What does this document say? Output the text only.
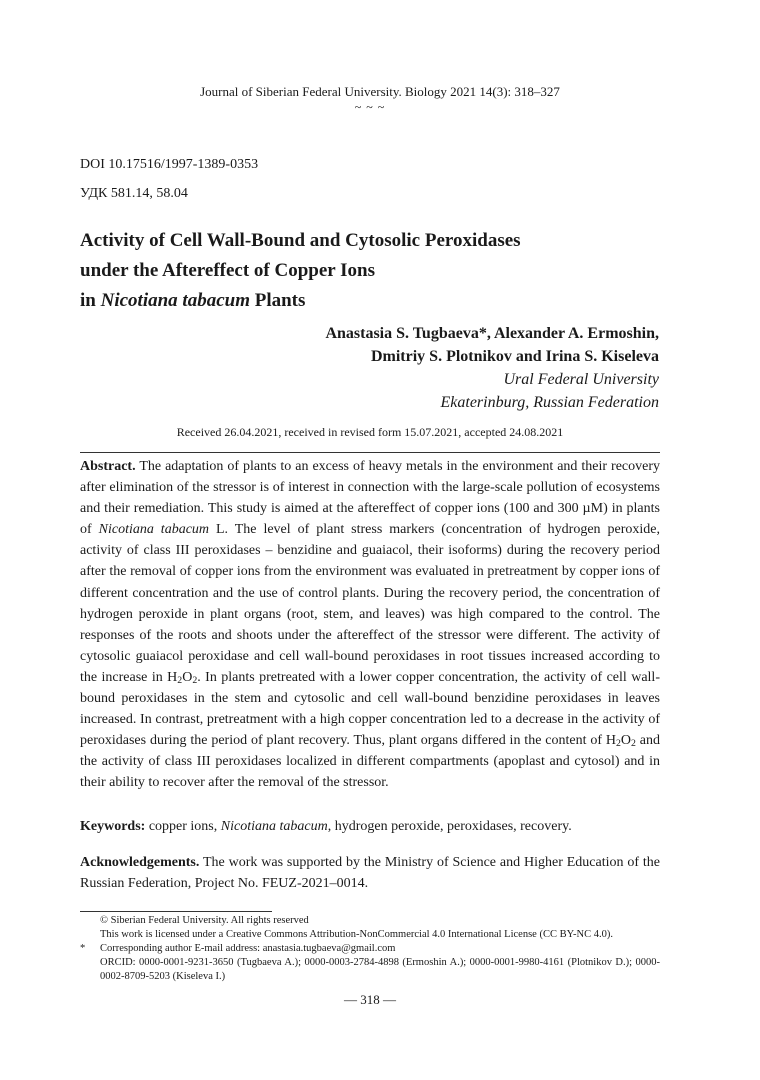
Journal of Siberian Federal University. Biology 2021 14(3): 318–327
~ ~ ~
DOI 10.17516/1997-1389-0353
УДК 581.14, 58.04
Activity of Cell Wall-Bound and Cytosolic Peroxidases
under the Aftereffect of Copper Ions
in Nicotiana tabacum Plants
Anastasia S. Tugbaeva*, Alexander A. Ermoshin,
Dmitriy S. Plotnikov and Irina S. Kiseleva
Ural Federal University
Ekaterinburg, Russian Federation
Received 26.04.2021, received in revised form 15.07.2021, accepted 24.08.2021
Abstract. The adaptation of plants to an excess of heavy metals in the environment and their recovery after elimination of the stressor is of interest in connection with the large-scale pollution of ecosystems and their remediation. This study is aimed at the aftereffect of copper ions (100 and 300 µM) in plants of Nicotiana tabacum L. The level of plant stress markers (concentration of hydrogen peroxide, activity of class III peroxidases – benzidine and guaiacol, their isoforms) during the recovery period after the removal of copper ions from the environment was evaluated in pretreatment by copper ions of different concentration and the use of control plants. During the recovery period, the concentration of hydrogen peroxide in plant organs (root, stem, and leaves) was high compared to the control. The responses of the roots and shoots under the aftereffect of the stressor were different. The activity of cytosolic guaiacol peroxidase and cell wall-bound peroxidases in root tissues increased according to the increase in $H_2O_2$. In plants pretreated with a lower copper concentration, the activity of cell wall-bound peroxidases in the stem and cytosolic and cell wall-bound benzidine peroxidases in leaves increased. In contrast, pretreatment with a high copper concentration led to a decrease in the activity of peroxidases during the period of plant recovery. Thus, plant organs differed in the content of $H_2O_2$ and the activity of class III peroxidases localized in different compartments (apoplast and cytosol) and in their ability to recover after the removal of the stressor.
Keywords: copper ions, Nicotiana tabacum, hydrogen peroxide, peroxidases, recovery.
Acknowledgements. The work was supported by the Ministry of Science and Higher Education of the Russian Federation, Project No. FEUZ-2021–0014.
© Siberian Federal University. All rights reserved
This work is licensed under a Creative Commons Attribution-NonCommercial 4.0 International License (CC BY-NC 4.0).
*	Corresponding author E-mail address: anastasia.tugbaeva@gmail.com
ORCID: 0000-0001-9231-3650 (Tugbaeva A.); 0000-0003-2784-4898 (Ermoshin A.); 0000-0001-9980-4161 (Plotnikov D.); 0000-0002-8709-5203 (Kiseleva I.)
— 318 —
